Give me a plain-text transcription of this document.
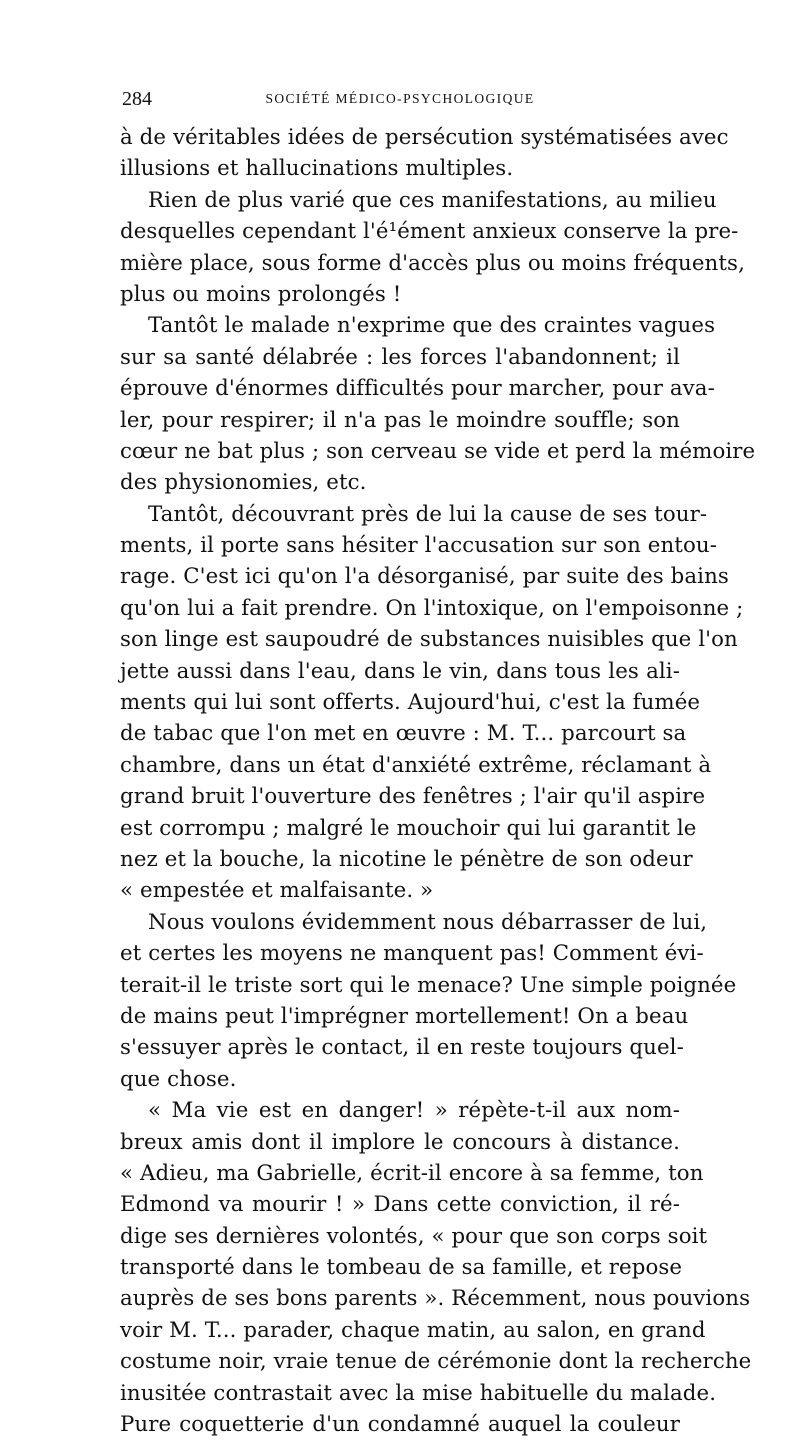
284	SOCIÉTÉ MÉDICO-PSYCHOLOGIQUE
à de véritables idées de persécution systématisées avec
illusions et hallucinations multiples.
Rien de plus varié que ces manifestations, au milieu
desquelles cependant l'é¹ément anxieux conserve la pre-
mière place, sous forme d'accès plus ou moins fréquents,
plus ou moins prolongés !
Tantôt le malade n'exprime que des craintes vagues
sur sa santé délabrée : les forces l'abandonnent; il
éprouve d'énormes difficultés pour marcher, pour ava-
ler, pour respirer; il n'a pas le moindre souffle; son
cœur ne bat plus ; son cerveau se vide et perd la mémoire
des physionomies, etc.
Tantôt, découvrant près de lui la cause de ses tour-
ments, il porte sans hésiter l'accusation sur son entou-
rage. C'est ici qu'on l'a désorganisé, par suite des bains
qu'on lui a fait prendre. On l'intoxique, on l'empoisonne ;
son linge est saupoudré de substances nuisibles que l'on
jette aussi dans l'eau, dans le vin, dans tous les ali-
ments qui lui sont offerts. Aujourd'hui, c'est la fumée
de tabac que l'on met en œuvre : M. T... parcourt sa
chambre, dans un état d'anxiété extrême, réclamant à
grand bruit l'ouverture des fenêtres ; l'air qu'il aspire
est corrompu ; malgré le mouchoir qui lui garantit le
nez et la bouche, la nicotine le pénètre de son odeur
« empestée et malfaisante. »
Nous voulons évidemment nous débarrasser de lui,
et certes les moyens ne manquent pas! Comment évi-
terait-il le triste sort qui le menace? Une simple poignée
de mains peut l'imprégner mortellement! On a beau
s'essuyer après le contact, il en reste toujours quel-
que chose.
« Ma vie est en danger! » répète-t-il aux nom-
breux amis dont il implore le concours à distance.
« Adieu, ma Gabrielle, écrit-il encore à sa femme, ton
Edmond va mourir ! » Dans cette conviction, il ré-
dige ses dernières volontés, « pour que son corps soit
transporté dans le tombeau de sa famille, et repose
auprès de ses bons parents ». Récemment, nous pouvions
voir M. T... parader, chaque matin, au salon, en grand
costume noir, vraie tenue de cérémonie dont la recherche
inusitée contrastait avec la mise habituelle du malade.
Pure coquetterie d'un condamné auquel la couleur
